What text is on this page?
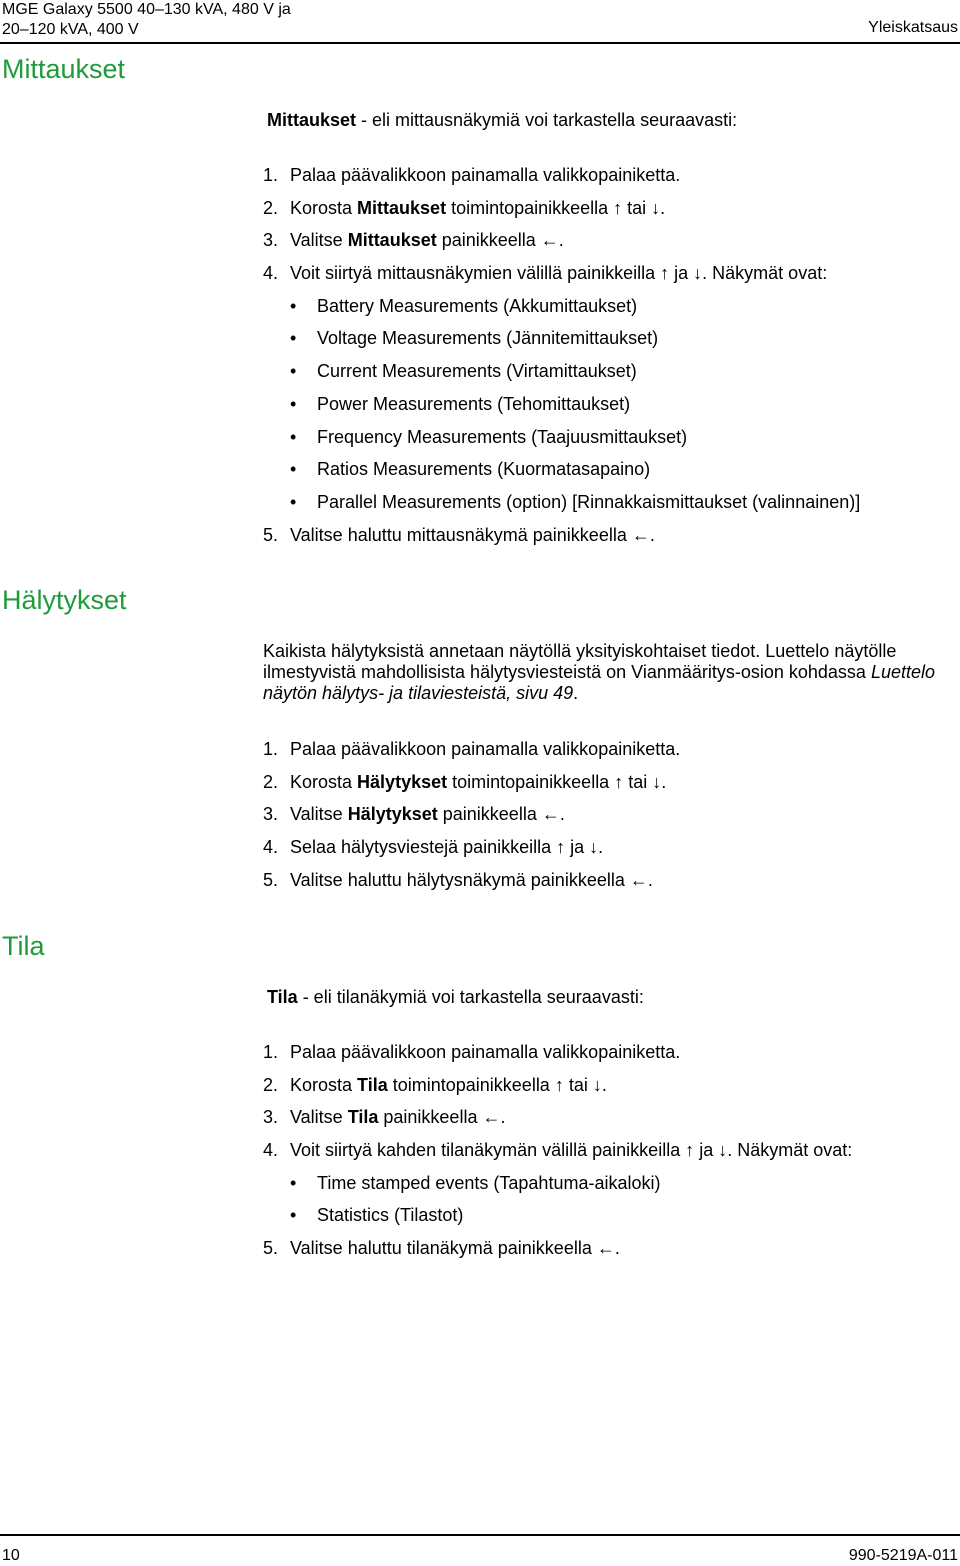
MGE Galaxy 5500 40–130 kVA, 480 V ja
20–120 kVA, 400 V	Yleiskatsaus
Mittaukset

Mittaukset - eli mittausnäkymiä voi tarkastella seuraavasti:

1. Palaa päävalikkoon painamalla valikkopainiketta.
2. Korosta Mittaukset toimintopainikkeella ↑ tai ↓.
3. Valitse Mittaukset painikkeella ←.
4. Voit siirtyä mittausnäkymien välillä painikkeilla ↑ ja ↓. Näkymät ovat:
• Battery Measurements (Akkumittaukset)
• Voltage Measurements (Jännitemittaukset)
• Current Measurements (Virtamittaukset)
• Power Measurements (Tehomittaukset)
• Frequency Measurements (Taajuusmittaukset)
• Ratios Measurements (Kuormatasapaino)
• Parallel Measurements (option) [Rinnakkaismittaukset (valinnainen)]
5. Valitse haluttu mittausnäkymä painikkeella ←.
Hälytykset

Kaikista hälytyksistä annetaan näytöllä yksityiskohtaiset tiedot. Luettelo näytölle ilmestyvistä mahdollisista hälytysviesteistä on Vianmääritys-osion kohdassa Luettelo näytön hälytys- ja tilaviesteistä, sivu 49.

1. Palaa päävalikkoon painamalla valikkopainiketta.
2. Korosta Hälytykset toimintopainikkeella ↑ tai ↓.
3. Valitse Hälytykset painikkeella ←.
4. Selaa hälytysviestejä painikkeilla ↑ ja ↓.
5. Valitse haluttu hälytysnäkymä painikkeella ←.
Tila

Tila - eli tilanäkymiä voi tarkastella seuraavasti:

1. Palaa päävalikkoon painamalla valikkopainiketta.
2. Korosta Tila toimintopainikkeella ↑ tai ↓.
3. Valitse Tila painikkeella ←.
4. Voit siirtyä kahden tilanäkymän välillä painikkeilla ↑ ja ↓. Näkymät ovat:
• Time stamped events (Tapahtuma-aikaloki)
• Statistics (Tilastot)
5. Valitse haluttu tilanäkymä painikkeella ←.
10	990-5219A-011
